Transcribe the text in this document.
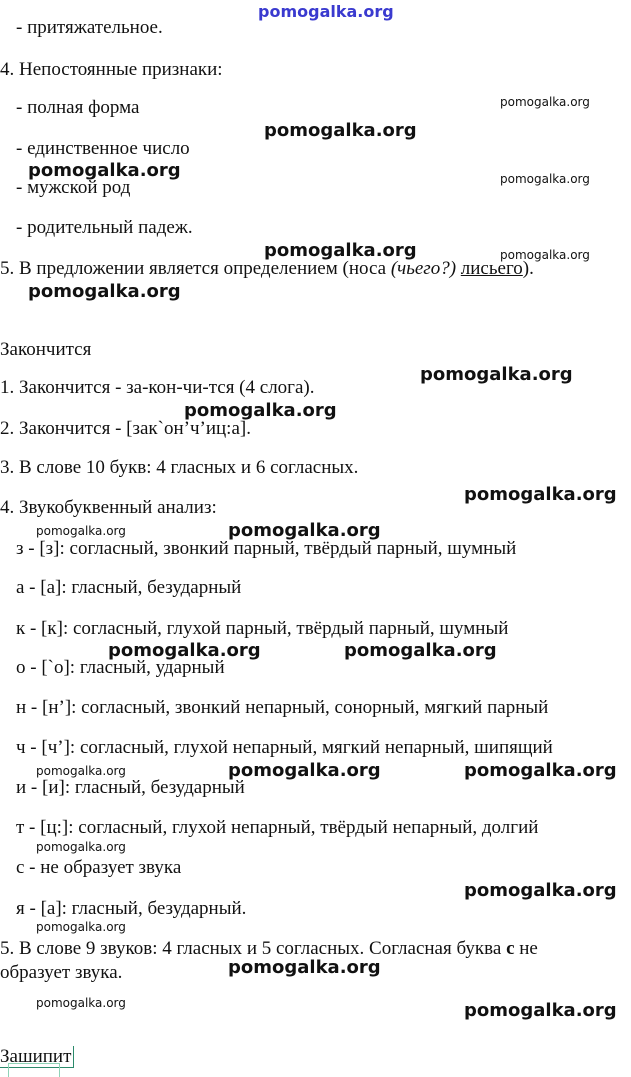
pomogalka.org
- притяжательное.
4. Непостоянные признаки:
- полная форма
- единственное число
- мужской род
- родительный падеж.
5. В предложении является определением (носа (чьего?) лисьего).
Закончится
1. Закончится - за-кон-чи-тся (4 слога).
2. Закончится - [зак`он’ч’иц:а].
3. В слове 10 букв: 4 гласных и 6 согласных.
4. Звукобуквенный анализ:
з - [з]: согласный, звонкий парный, твёрдый парный, шумный
а - [а]: гласный, безударный
к - [к]: согласный, глухой парный, твёрдый парный, шумный
о - [`о]: гласный, ударный
н - [н’]: согласный, звонкий непарный, сонорный, мягкий парный
ч - [ч’]: согласный, глухой непарный, мягкий непарный, шипящий
и - [и]: гласный, безударный
т - [ц:]: согласный, глухой непарный, твёрдый непарный, долгий
с - не образует звука
я - [а]: гласный, безударный.
5. В слове 9 звуков: 4 гласных и 5 согласных. Согласная буква с не
образует звука.
Зашипит
pomogalka.org
pomogalka.org
pomogalka.org
pomogalka.org
pomogalka.org
pomogalka.org
pomogalka.org
pomogalka.org
pomogalka.org	pomogalka.org
pomogalka.org	pomogalka.org
pomogalka.org
pomogalka.org
pomogalka.org
pomogalka.org
pomogalka.org
pomogalka.org
pomogalka.org
pomogalka.org
pomogalka.org
pomogalka.org
pomogalka.org
